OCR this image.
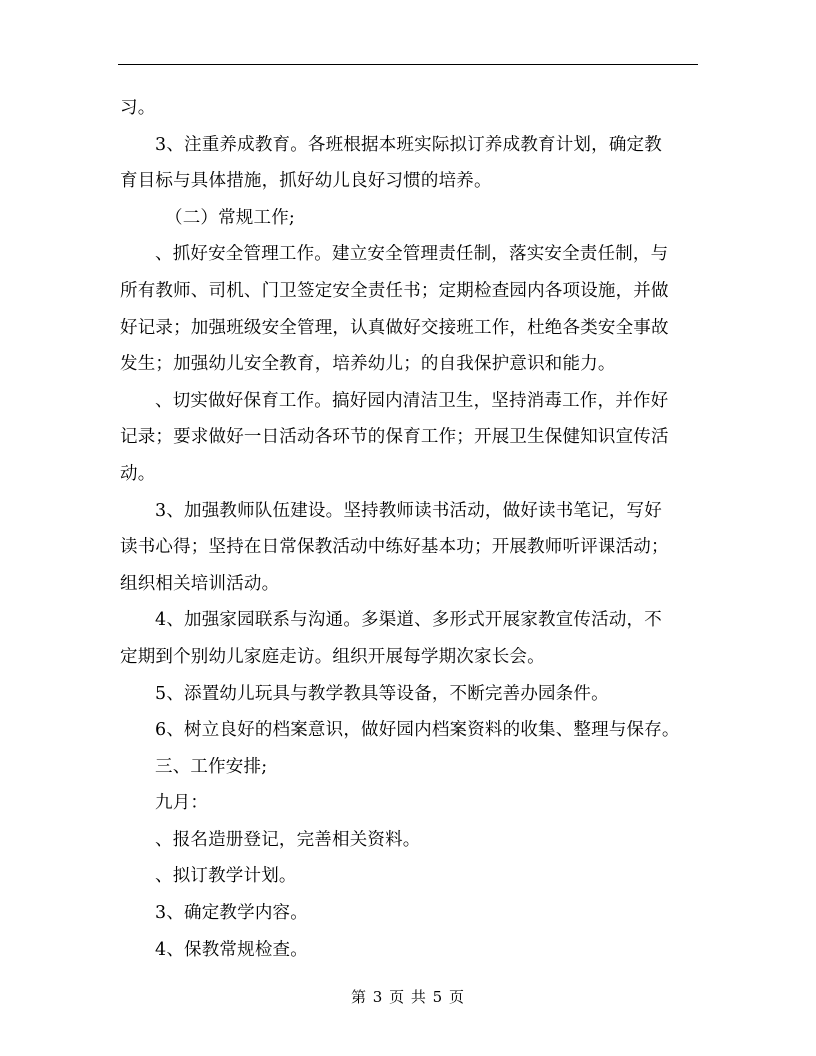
习。
3、注重养成教育。各班根据本班实际拟订养成教育计划，确定教
育目标与具体措施，抓好幼儿良好习惯的培养。
（二）常规工作;
、抓好安全管理工作。建立安全管理责任制，落实安全责任制，与
所有教师、司机、门卫签定安全责任书；定期检查园内各项设施，并做
好记录；加强班级安全管理，认真做好交接班工作，杜绝各类安全事故
发生；加强幼儿安全教育，培养幼儿；的自我保护意识和能力。
、切实做好保育工作。搞好园内清洁卫生，坚持消毒工作，并作好
记录；要求做好一日活动各环节的保育工作；开展卫生保健知识宣传活
动。
3、加强教师队伍建设。坚持教师读书活动，做好读书笔记，写好
读书心得；坚持在日常保教活动中练好基本功；开展教师听评课活动；
组织相关培训活动。
4、加强家园联系与沟通。多渠道、多形式开展家教宣传活动，不
定期到个别幼儿家庭走访。组织开展每学期次家长会。
5、添置幼儿玩具与教学教具等设备，不断完善办园条件。
6、树立良好的档案意识，做好园内档案资料的收集、整理与保存。
三、工作安排;
九月：
、报名造册登记，完善相关资料。
、拟订教学计划。
3、确定教学内容。
4、保教常规检查。
第 3 页 共 5 页
